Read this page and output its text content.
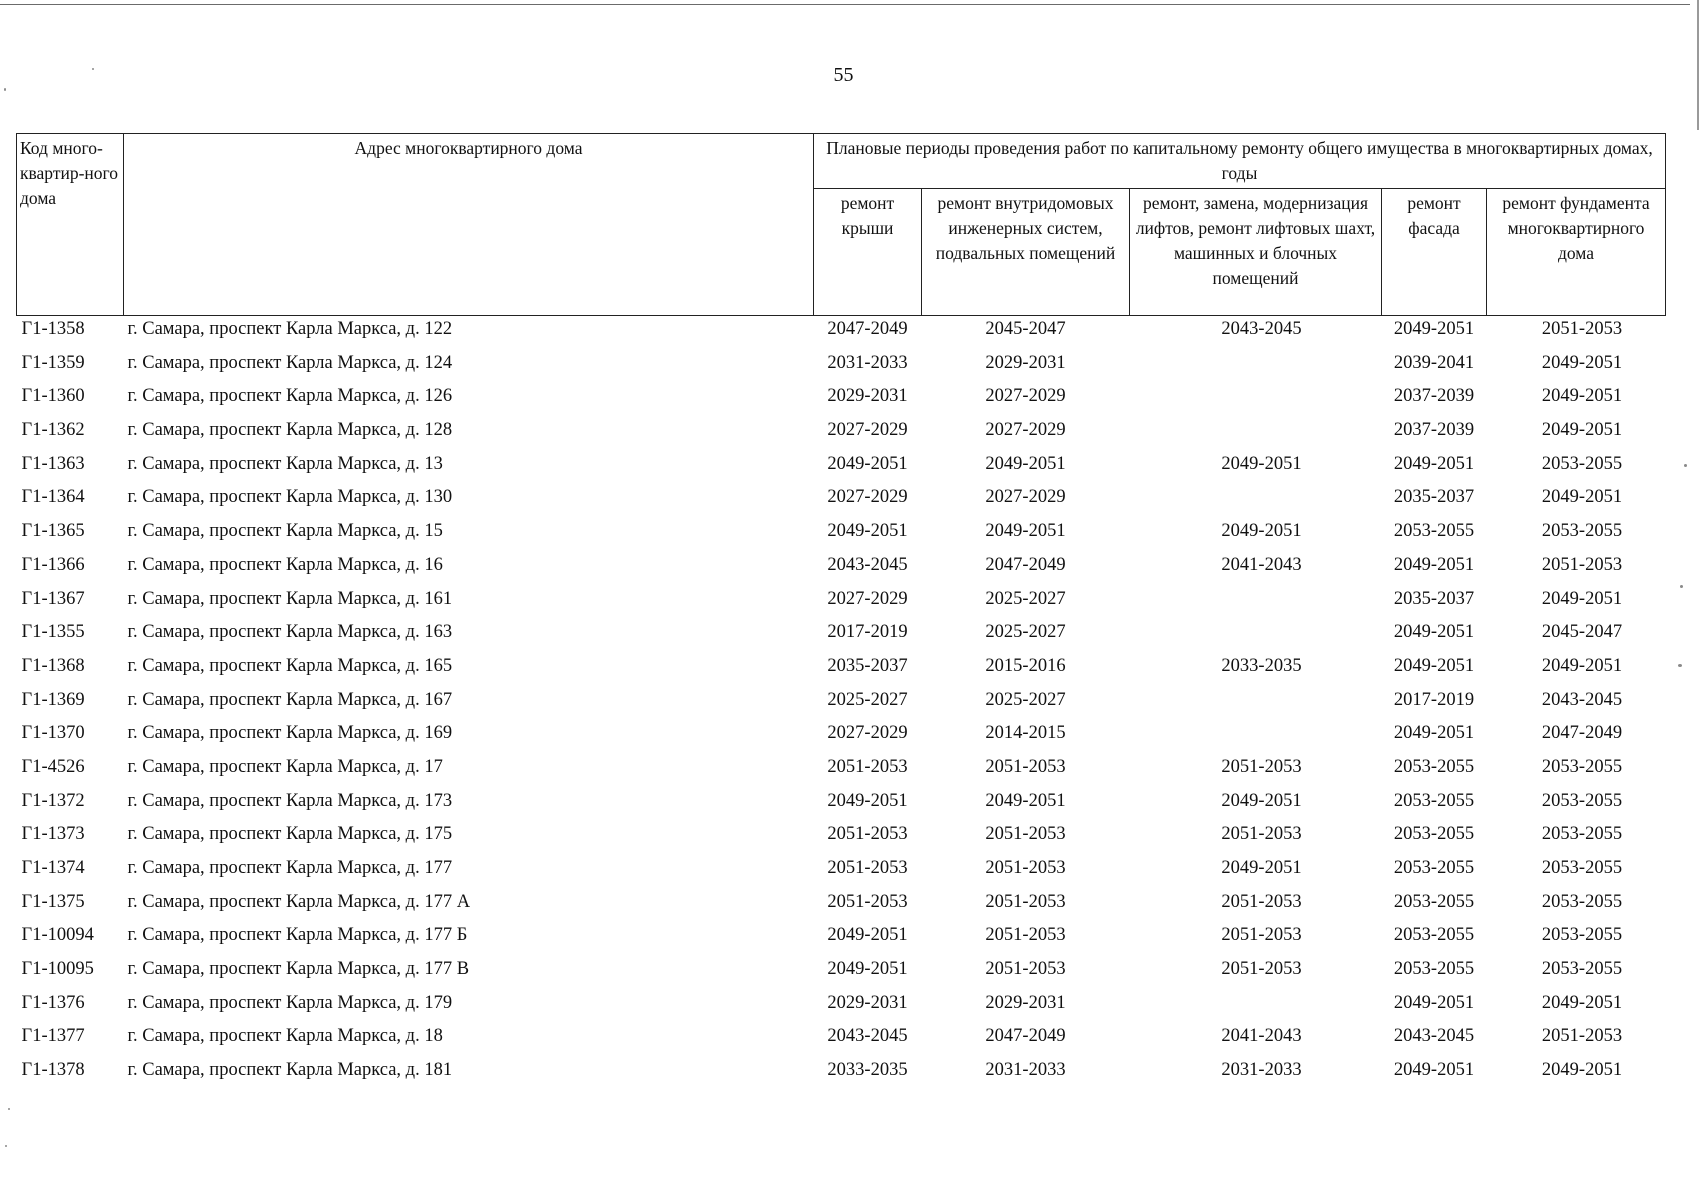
55
Код много-квартир-ного дома	Адрес многоквартирного дома	Плановые периоды проведения работ по капитальному ремонту общего имущества в многоквартирных домах, годы				
		ремонт крыши	ремонт внутридомовых инженерных систем, подвальных помещений	ремонт, замена, модернизация лифтов, ремонт лифтовых шахт, машинных и блочных помещений	ремонт фасада	ремонт фундамента многоквартирного дома
Г1-1358	г. Самара, проспект Карла Маркса, д. 122	2047-2049	2045-2047	2043-2045	2049-2051	2051-2053
Г1-1359	г. Самара, проспект Карла Маркса, д. 124	2031-2033	2029-2031		2039-2041	2049-2051
Г1-1360	г. Самара, проспект Карла Маркса, д. 126	2029-2031	2027-2029		2037-2039	2049-2051
Г1-1362	г. Самара, проспект Карла Маркса, д. 128	2027-2029	2027-2029		2037-2039	2049-2051
Г1-1363	г. Самара, проспект Карла Маркса, д. 13	2049-2051	2049-2051	2049-2051	2049-2051	2053-2055
Г1-1364	г. Самара, проспект Карла Маркса, д. 130	2027-2029	2027-2029		2035-2037	2049-2051
Г1-1365	г. Самара, проспект Карла Маркса, д. 15	2049-2051	2049-2051	2049-2051	2053-2055	2053-2055
Г1-1366	г. Самара, проспект Карла Маркса, д. 16	2043-2045	2047-2049	2041-2043	2049-2051	2051-2053
Г1-1367	г. Самара, проспект Карла Маркса, д. 161	2027-2029	2025-2027		2035-2037	2049-2051
Г1-1355	г. Самара, проспект Карла Маркса, д. 163	2017-2019	2025-2027		2049-2051	2045-2047
Г1-1368	г. Самара, проспект Карла Маркса, д. 165	2035-2037	2015-2016	2033-2035	2049-2051	2049-2051
Г1-1369	г. Самара, проспект Карла Маркса, д. 167	2025-2027	2025-2027		2017-2019	2043-2045
Г1-1370	г. Самара, проспект Карла Маркса, д. 169	2027-2029	2014-2015		2049-2051	2047-2049
Г1-4526	г. Самара, проспект Карла Маркса, д. 17	2051-2053	2051-2053	2051-2053	2053-2055	2053-2055
Г1-1372	г. Самара, проспект Карла Маркса, д. 173	2049-2051	2049-2051	2049-2051	2053-2055	2053-2055
Г1-1373	г. Самара, проспект Карла Маркса, д. 175	2051-2053	2051-2053	2051-2053	2053-2055	2053-2055
Г1-1374	г. Самара, проспект Карла Маркса, д. 177	2051-2053	2051-2053	2049-2051	2053-2055	2053-2055
Г1-1375	г. Самара, проспект Карла Маркса, д. 177 А	2051-2053	2051-2053	2051-2053	2053-2055	2053-2055
Г1-10094	г. Самара, проспект Карла Маркса, д. 177 Б	2049-2051	2051-2053	2051-2053	2053-2055	2053-2055
Г1-10095	г. Самара, проспект Карла Маркса, д. 177 В	2049-2051	2051-2053	2051-2053	2053-2055	2053-2055
Г1-1376	г. Самара, проспект Карла Маркса, д. 179	2029-2031	2029-2031		2049-2051	2049-2051
Г1-1377	г. Самара, проспект Карла Маркса, д. 18	2043-2045	2047-2049	2041-2043	2043-2045	2051-2053
Г1-1378	г. Самара, проспект Карла Маркса, д. 181	2033-2035	2031-2033	2031-2033	2049-2051	2049-2051
